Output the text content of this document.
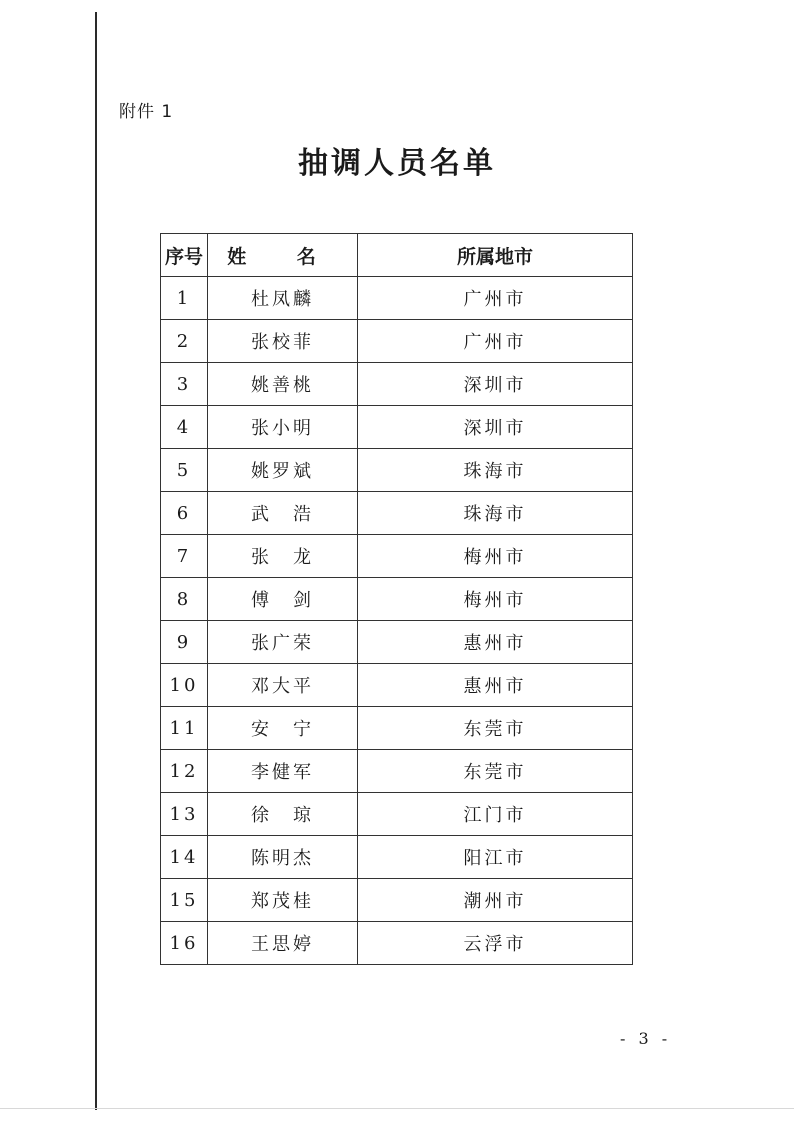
附件 1
抽调人员名单
序号	姓 名	所属地市
1	杜凤麟	广州市
2	张校菲	广州市
3	姚善桃	深圳市
4	张小明	深圳市
5	姚罗斌	珠海市
6	武　浩	珠海市
7	张　龙	梅州市
8	傅　剑	梅州市
9	张广荣	惠州市
10	邓大平	惠州市
11	安　宁	东莞市
12	李健军	东莞市
13	徐　琼	江门市
14	陈明杰	阳江市
15	郑茂桂	潮州市
16	王思婷	云浮市
- 3 -
